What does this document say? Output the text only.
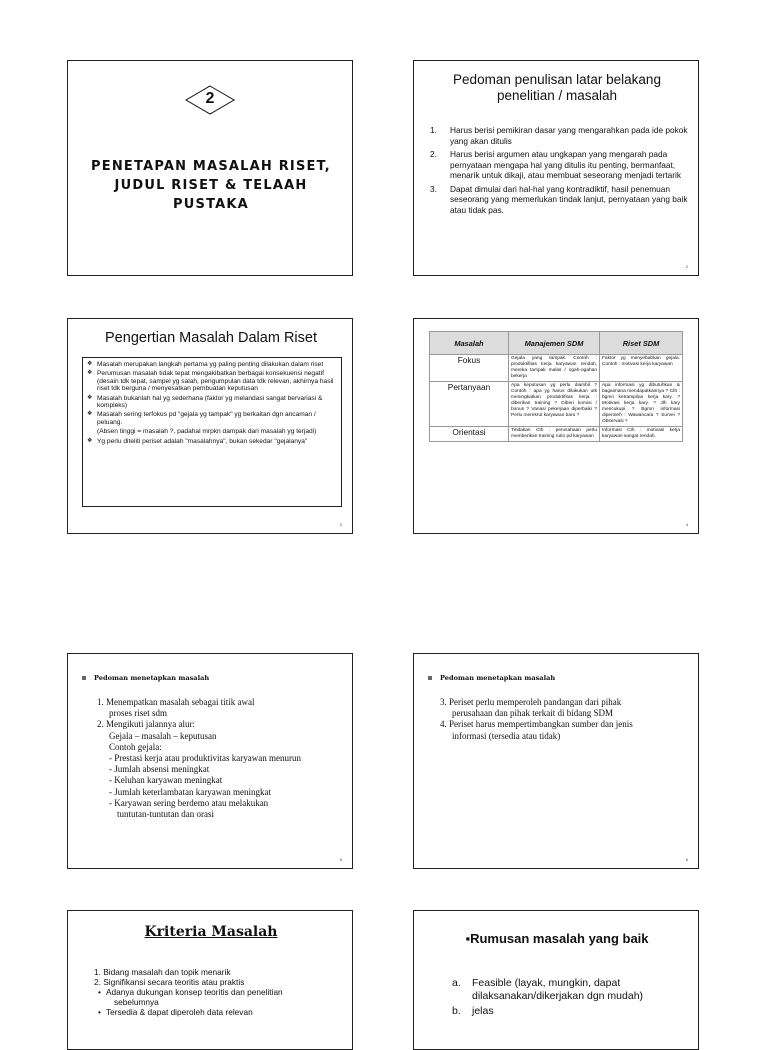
2
PENETAPAN MASALAH RISET, JUDUL RISET & TELAAH PUSTAKA
Pedoman penulisan latar belakang penelitian / masalah
1. Harus berisi pemikiran dasar yang mengarahkan pada ide pokok yang akan ditulis
2. Harus berisi argumen atau ungkapan yang mengarah pada pernyataan mengapa hal yang ditulis itu penting, bermanfaat, menarik untuk dikaji, atau membuat seseorang menjadi tertarik
3. Dapat dimulai dari hal-hal yang kontradiktif, hasil penemuan seseorang yang memerlukan tindak lanjut, pernyataan yang baik atau tidak pas.
2
Pengertian Masalah Dalam Riset
❖ Masalah merupakan langkah pertama yg paling penting dilakukan dalam riset
❖ Perumusan masalah tidak tepat mengakibatkan berbagai konsekuensi negatif (desain tdk tepat, sampel yg salah, pengumpulan data tdk relevan, akhirnya hasil riset tdk berguna / menyesatkan pembuatan keputusan
❖ Masalah bukanlah hal yg sederhana (faktor yg melandasi sangat bervariasi & kompleks)
❖ Masalah sering terfokus pd "gejala yg tampak" yg berkaitan dgn ancaman / peluang.
(Absen tinggi = masalah ?, padahal mrpkn dampak dari masalah yg terjadi)
❖ Yg perlu diteliti periset adalah "masalahnya", bukan sekedar "gejalanya"
3
Masalah	Manajemen SDM	Riset SDM
Fokus	Gejala yang tampak. Contoh : produktifitas kerja karyawan rendah, mereka tampak malas / ogah-ogahan bekerja	Faktor yg menyebabkan gejala. Contoh : motivasi kerja karyawan
Pertanyaan	Apa keputusan yg perlu diambil ? Contoh : apa yg harus dilakukan utk meningkatkan produktifitas kerja : diberikan training ? Diberi komisi / bonus ? Variasi pekerjaan diperbaiki ? Perlu merekrut karyawan baru ?	Apa informasi yg dibutuhkan & bagaimana mendapatkannya ? Cth : bgmn ketrampilan kerja kary. ? Motivasi kerja kary. ? Jlh kary mencukupi ? Bgmn informasi diperoleh : Wawancara ? Survei ? Observasi ?
Orientasi	Tindakan Cth : perusahaan perlu memberikan training rutin pd karyawan	Informasi Cth : motivasi kerja karyawan sangat rendah.
4
Pedoman menetapkan masalah
1. Menempatkan masalah sebagai titik awal
proses riset sdm
2. Mengikuti jalannya alur:
Gejala – masalah – keputusan
Contoh gejala:
- Prestasi kerja atau produktivitas karyawan menurun
- Jumlah absensi meningkat
- Keluhan karyawan meningkat
- Jumlah keterlambatan karyawan meningkat
- Karyawan sering berdemo atau melakukan
tuntutan-tuntutan dan orasi
5
Pedoman menetapkan masalah
3. Periset perlu memperoleh pandangan dari pihak
perusahaan dan pihak terkait di bidang SDM
4. Periset harus mempertimbangkan sumber dan jenis
informasi (tersedia atau tidak)
6
Kriteria Masalah
1. Bidang masalah dan topik menarik
2. Signifikansi secara teoritis atau praktis
• Adanya dukungan konsep teoritis dan penelitian
sebelumnya
• Tersedia & dapat diperoleh data relevan
▪Rumusan masalah yang baik
a. Feasible (layak, mungkin, dapat dilaksanakan/dikerjakan dgn mudah)
b. jelas
